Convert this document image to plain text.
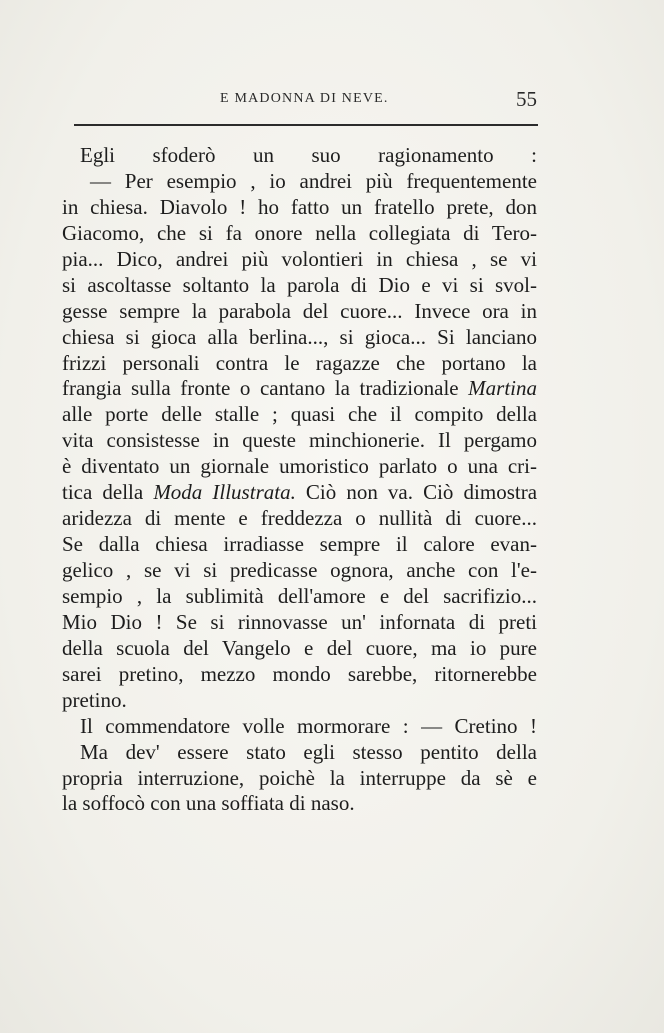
E MADONNA DI NEVE.	55
Egli sfoderò un suo ragionamento :
— Per esempio , io andrei più frequentemente
in chiesa. Diavolo ! ho fatto un fratello prete, don
Giacomo, che si fa onore nella collegiata di Tero-
pia... Dico, andrei più volontieri in chiesa , se vi
si ascoltasse soltanto la parola di Dio e vi si svol-
gesse sempre la parabola del cuore... Invece ora in
chiesa si gioca alla berlina..., si gioca... Si lanciano
frizzi personali contra le ragazze che portano la
frangia sulla fronte o cantano la tradizionale Martina
alle porte delle stalle ; quasi che il compito della
vita consistesse in queste minchionerie. Il pergamo
è diventato un giornale umoristico parlato o una cri-
tica della Moda Illustrata. Ciò non va. Ciò dimostra
aridezza di mente e freddezza o nullità di cuore...
Se dalla chiesa irradiasse sempre il calore evan-
gelico , se vi si predicasse ognora, anche con l'e-
sempio , la sublimità dell'amore e del sacrifizio...
Mio Dio ! Se si rinnovasse un' infornata di preti
della scuola del Vangelo e del cuore, ma io pure
sarei pretino, mezzo mondo sarebbe, ritornerebbe
pretino.
Il commendatore volle mormorare : — Cretino !
Ma dev' essere stato egli stesso pentito della
propria interruzione, poichè la interruppe da sè e
la soffocò con una soffiata di naso.
